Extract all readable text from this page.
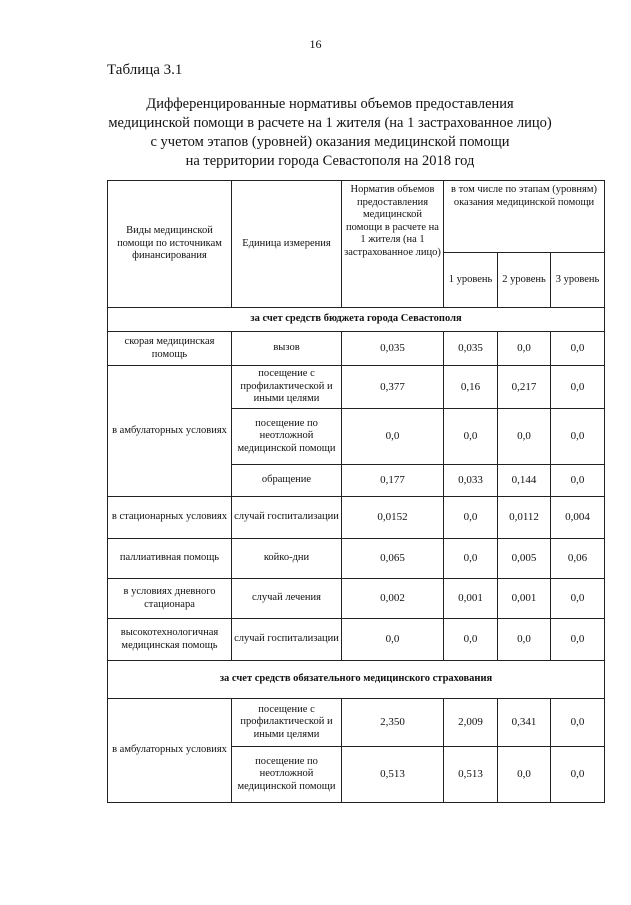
16
Таблица 3.1
Дифференцированные нормативы объемов предоставления
медицинской помощи в расчете на 1 жителя (на 1 застрахованное лицо)
с учетом этапов (уровней) оказания медицинской помощи
на территории города Севастополя на 2018 год
Виды медицинской помощи по источникам финансирования	Единица измерения	Норматив объемов предоставления медицинской помощи в расчете на 1 жителя (на 1 застрахованное лицо)	в том числе по этапам (уровням) оказания медицинской помощи		
			1 уровень	2 уровень	3 уровень
за счет средств бюджета города Севастополя					
скорая медицинская помощь	вызов	0,035	0,035	0,0	0,0
в амбулаторных условиях	посещение с профилактической и иными целями	0,377	0,16	0,217	0,0
	посещение по неотложной медицинской помощи	0,0	0,0	0,0	0,0
	обращение	0,177	0,033	0,144	0,0
в стационарных условиях	случай госпитализации	0,0152	0,0	0,0112	0,004
паллиативная помощь	койко-дни	0,065	0,0	0,005	0,06
в условиях дневного стационара	случай лечения	0,002	0,001	0,001	0,0
высокотехнологичная медицинская помощь	случай госпитализации	0,0	0,0	0,0	0,0
за счет средств обязательного медицинского страхования					
в амбулаторных условиях	посещение с профилактической и иными целями	2,350	2,009	0,341	0,0
	посещение по неотложной медицинской помощи	0,513	0,513	0,0	0,0
